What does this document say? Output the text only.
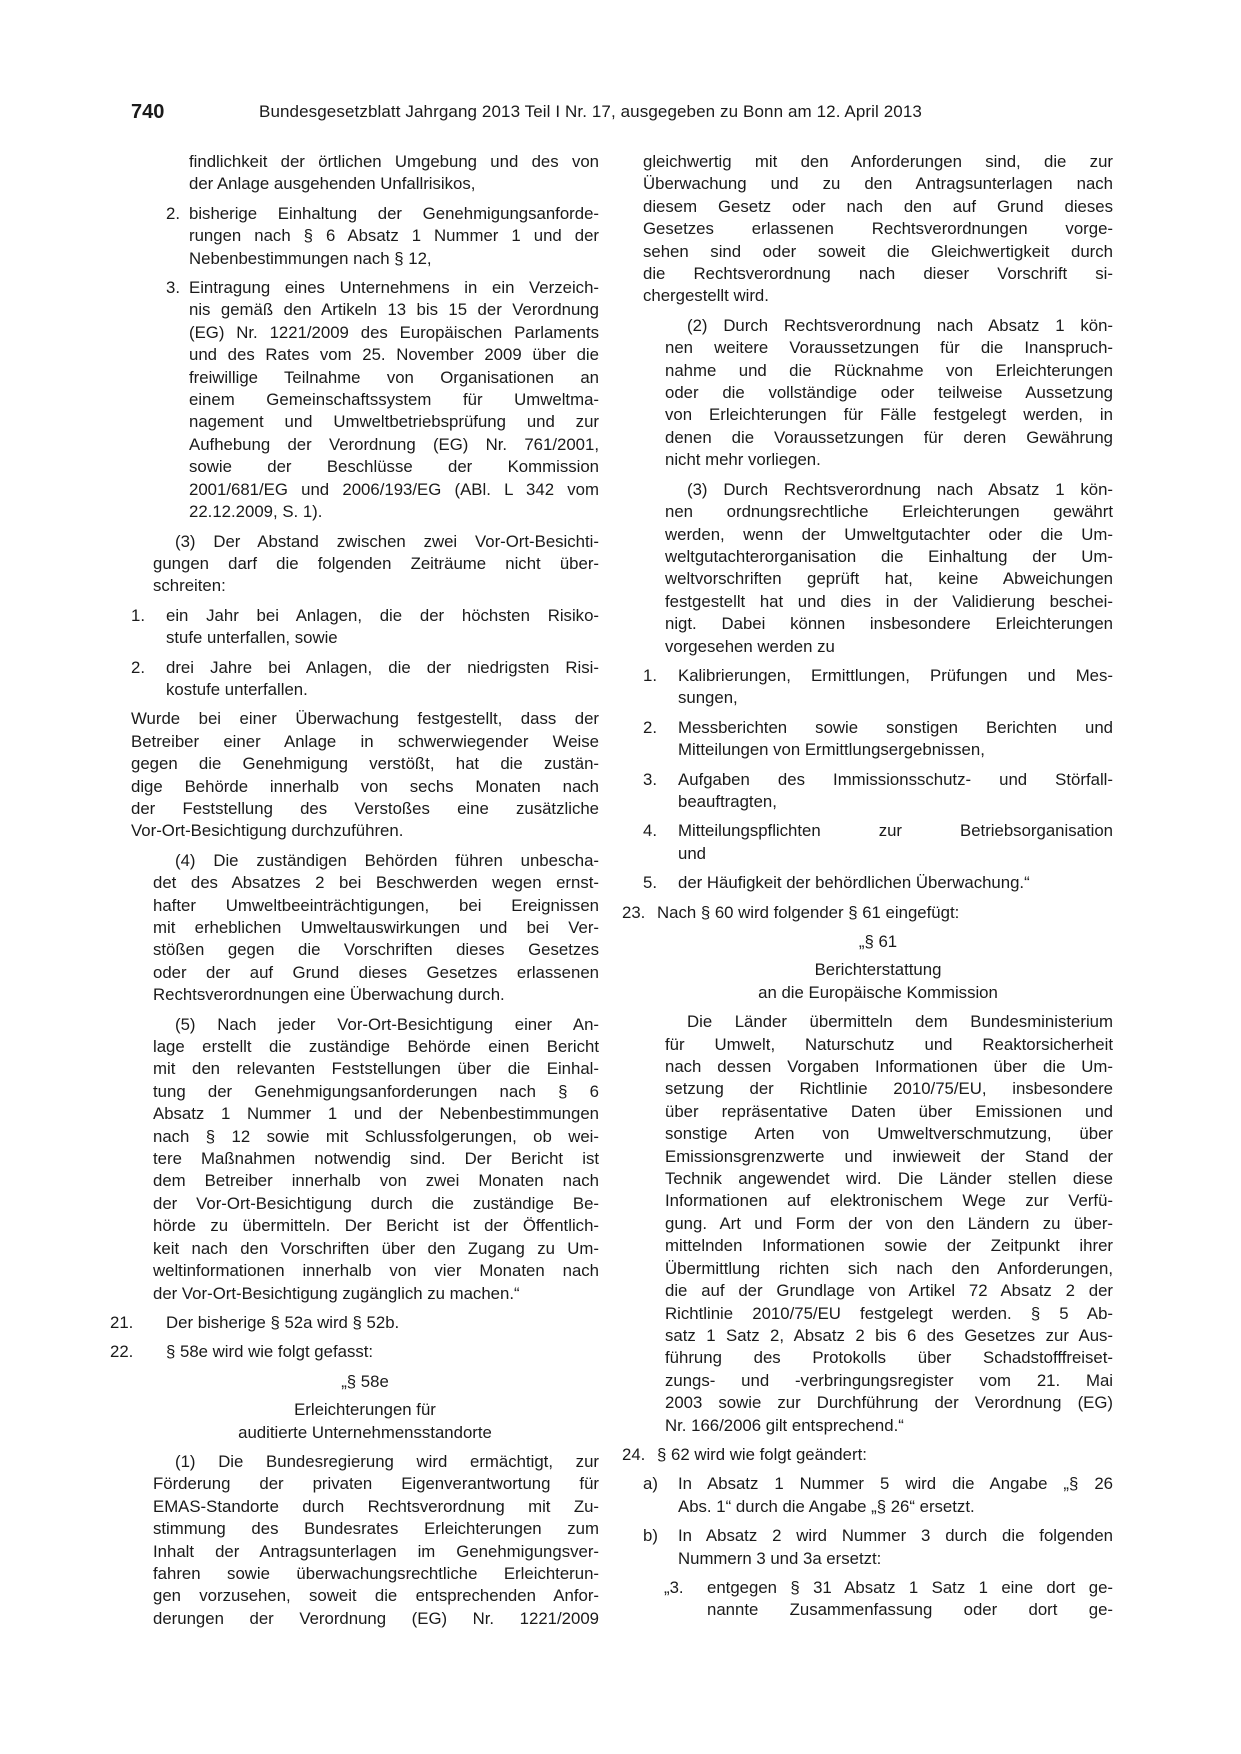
740	Bundesgesetzblatt Jahrgang 2013 Teil I Nr. 17, ausgegeben zu Bonn am 12. April 2013
findlichkeit der örtlichen Umgebung und des von
der Anlage ausgehenden Unfallrisikos,
2. bisherige Einhaltung der Genehmigungsanforde-
rungen nach § 6 Absatz 1 Nummer 1 und der
Nebenbestimmungen nach § 12,
3. Eintragung eines Unternehmens in ein Verzeich-
nis gemäß den Artikeln 13 bis 15 der Verordnung
(EG) Nr. 1221/2009 des Europäischen Parlaments
und des Rates vom 25. November 2009 über die
freiwillige Teilnahme von Organisationen an
einem Gemeinschaftssystem für Umweltma-
nagement und Umweltbetriebsprüfung und zur
Aufhebung der Verordnung (EG) Nr. 761/2001,
sowie der Beschlüsse der Kommission
2001/681/EG und 2006/193/EG (ABl. L 342 vom
22.12.2009, S. 1).
(3) Der Abstand zwischen zwei Vor-Ort-Besichti-
gungen darf die folgenden Zeiträume nicht über-
schreiten:
1. ein Jahr bei Anlagen, die der höchsten Risiko-
stufe unterfallen, sowie
2. drei Jahre bei Anlagen, die der niedrigsten Risi-
kostufe unterfallen.
Wurde bei einer Überwachung festgestellt, dass der
Betreiber einer Anlage in schwerwiegender Weise
gegen die Genehmigung verstößt, hat die zustän-
dige Behörde innerhalb von sechs Monaten nach
der Feststellung des Verstoßes eine zusätzliche
Vor-Ort-Besichtigung durchzuführen.
(4) Die zuständigen Behörden führen unbescha-
det des Absatzes 2 bei Beschwerden wegen ernst-
hafter Umweltbeeinträchtigungen, bei Ereignissen
mit erheblichen Umweltauswirkungen und bei Ver-
stößen gegen die Vorschriften dieses Gesetzes
oder der auf Grund dieses Gesetzes erlassenen
Rechtsverordnungen eine Überwachung durch.
(5) Nach jeder Vor-Ort-Besichtigung einer An-
lage erstellt die zuständige Behörde einen Bericht
mit den relevanten Feststellungen über die Einhal-
tung der Genehmigungsanforderungen nach § 6
Absatz 1 Nummer 1 und der Nebenbestimmungen
nach § 12 sowie mit Schlussfolgerungen, ob wei-
tere Maßnahmen notwendig sind. Der Bericht ist
dem Betreiber innerhalb von zwei Monaten nach
der Vor-Ort-Besichtigung durch die zuständige Be-
hörde zu übermitteln. Der Bericht ist der Öffentlich-
keit nach den Vorschriften über den Zugang zu Um-
weltinformationen innerhalb von vier Monaten nach
der Vor-Ort-Besichtigung zugänglich zu machen.“
21.	Der bisherige § 52a wird § 52b.
22.	§ 58e wird wie folgt gefasst:
„§ 58e
Erleichterungen für
auditierte Unternehmensstandorte
(1) Die Bundesregierung wird ermächtigt, zur
Förderung der privaten Eigenverantwortung für
EMAS-Standorte durch Rechtsverordnung mit Zu-
stimmung des Bundesrates Erleichterungen zum
Inhalt der Antragsunterlagen im Genehmigungsver-
fahren sowie überwachungsrechtliche Erleichterun-
gen vorzusehen, soweit die entsprechenden Anfor-
derungen der Verordnung (EG) Nr. 1221/2009
gleichwertig mit den Anforderungen sind, die zur
Überwachung und zu den Antragsunterlagen nach
diesem Gesetz oder nach den auf Grund dieses
Gesetzes erlassenen Rechtsverordnungen vorge-
sehen sind oder soweit die Gleichwertigkeit durch
die Rechtsverordnung nach dieser Vorschrift si-
chergestellt wird.
(2) Durch Rechtsverordnung nach Absatz 1 kön-
nen weitere Voraussetzungen für die Inanspruch-
nahme und die Rücknahme von Erleichterungen
oder die vollständige oder teilweise Aussetzung
von Erleichterungen für Fälle festgelegt werden, in
denen die Voraussetzungen für deren Gewährung
nicht mehr vorliegen.
(3) Durch Rechtsverordnung nach Absatz 1 kön-
nen ordnungsrechtliche Erleichterungen gewährt
werden, wenn der Umweltgutachter oder die Um-
weltgutachterorganisation die Einhaltung der Um-
weltvorschriften geprüft hat, keine Abweichungen
festgestellt hat und dies in der Validierung beschei-
nigt. Dabei können insbesondere Erleichterungen
vorgesehen werden zu
1. Kalibrierungen, Ermittlungen, Prüfungen und Mes-
sungen,
2. Messberichten sowie sonstigen Berichten und
Mitteilungen von Ermittlungsergebnissen,
3. Aufgaben des Immissionsschutz- und Störfall-
beauftragten,
4. Mitteilungspflichten zur Betriebsorganisation
und
5. der Häufigkeit der behördlichen Überwachung.“
23. Nach § 60 wird folgender § 61 eingefügt:
„§ 61
Berichterstattung
an die Europäische Kommission
Die Länder übermitteln dem Bundesministerium
für Umwelt, Naturschutz und Reaktorsicherheit
nach dessen Vorgaben Informationen über die Um-
setzung der Richtlinie 2010/75/EU, insbesondere
über repräsentative Daten über Emissionen und
sonstige Arten von Umweltverschmutzung, über
Emissionsgrenzwerte und inwieweit der Stand der
Technik angewendet wird. Die Länder stellen diese
Informationen auf elektronischem Wege zur Verfü-
gung. Art und Form der von den Ländern zu über-
mittelnden Informationen sowie der Zeitpunkt ihrer
Übermittlung richten sich nach den Anforderungen,
die auf der Grundlage von Artikel 72 Absatz 2 der
Richtlinie 2010/75/EU festgelegt werden. § 5 Ab-
satz 1 Satz 2, Absatz 2 bis 6 des Gesetzes zur Aus-
führung des Protokolls über Schadstofffreiset-
zungs- und -verbringungsregister vom 21. Mai
2003 sowie zur Durchführung der Verordnung (EG)
Nr. 166/2006 gilt entsprechend.“
24. § 62 wird wie folgt geändert:
a) In Absatz 1 Nummer 5 wird die Angabe „§ 26
Abs. 1“ durch die Angabe „§ 26“ ersetzt.
b) In Absatz 2 wird Nummer 3 durch die folgenden
Nummern 3 und 3a ersetzt:
„3. entgegen § 31 Absatz 1 Satz 1 eine dort ge-
nannte Zusammenfassung oder dort ge-
